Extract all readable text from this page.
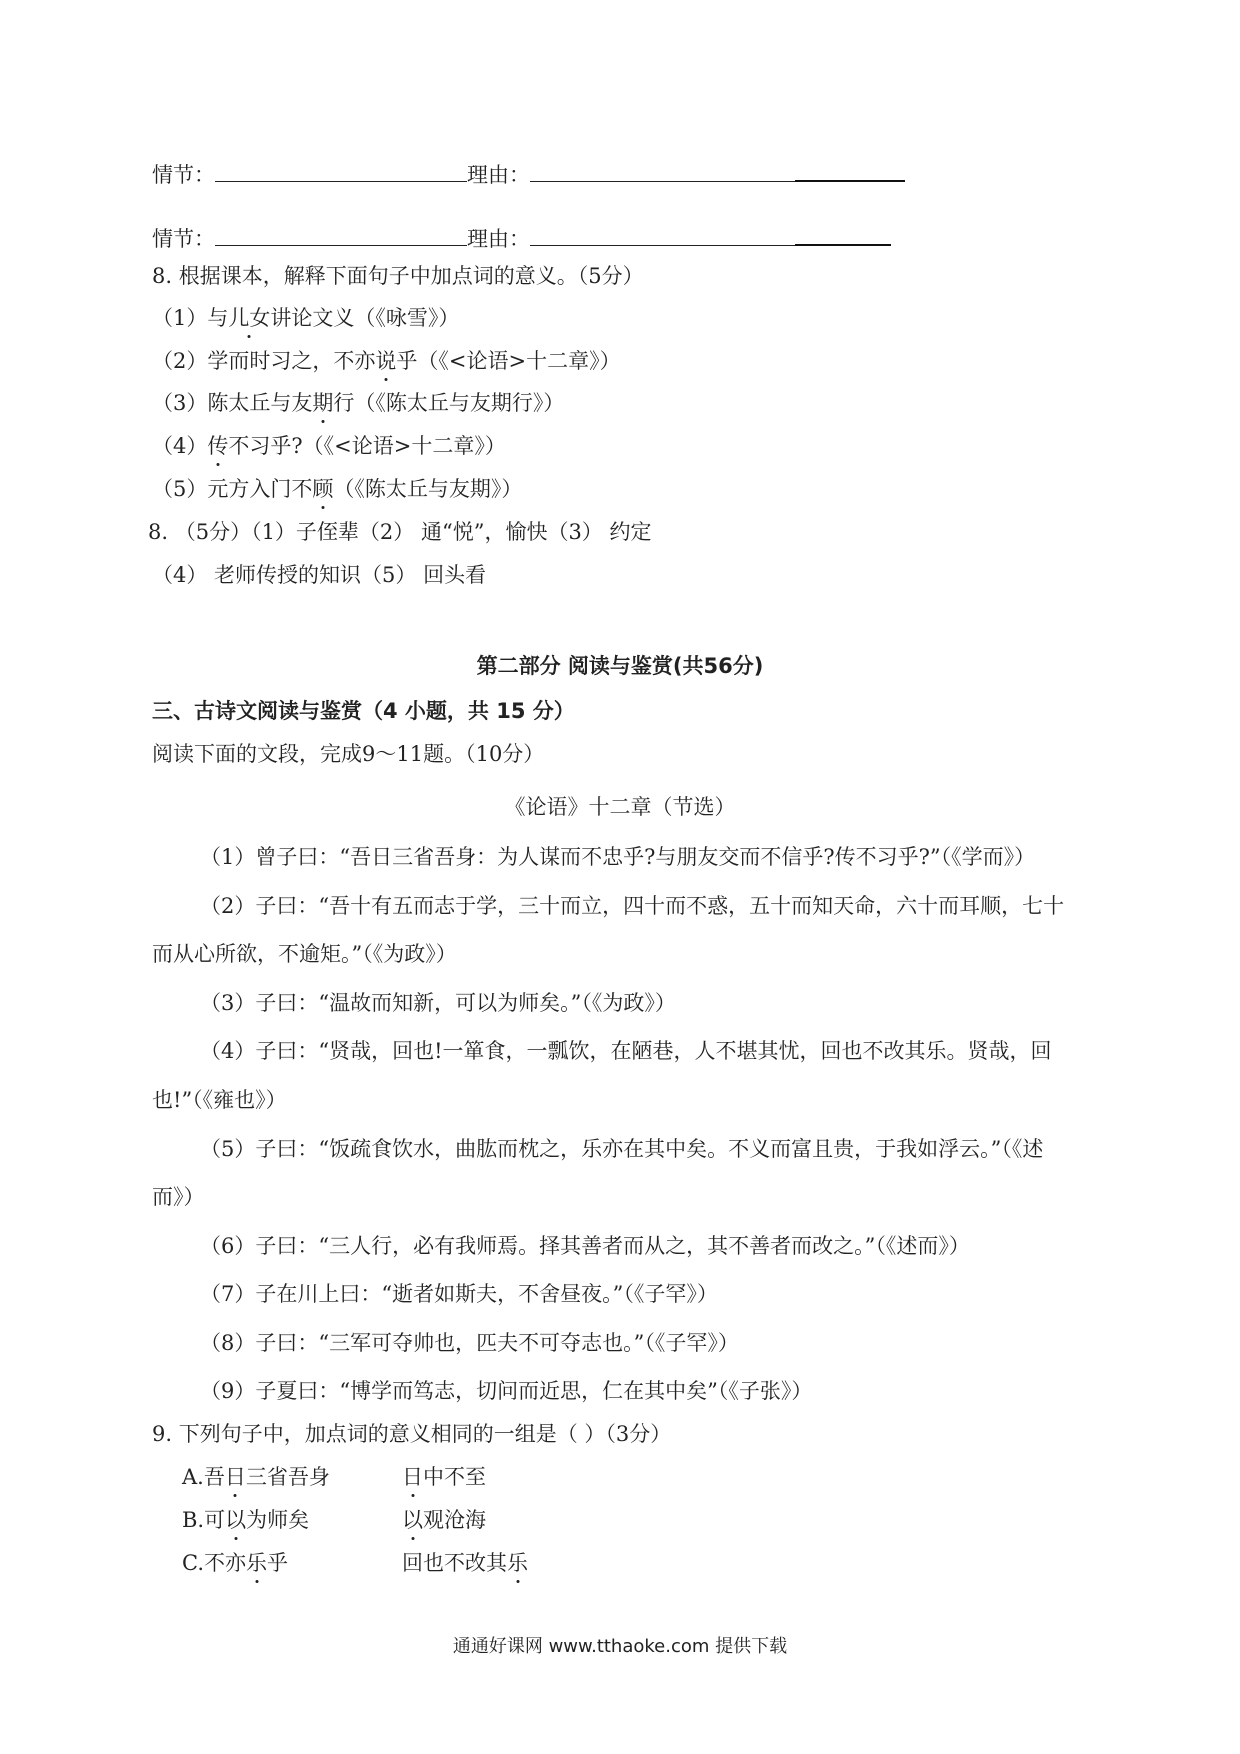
情节：	理由：
情节：	理由：
8. 根据课本，解释下面句子中加点词的意义。（5分）
（1）与儿女讲论文义（《咏雪》）
（2）学而时习之，不亦说乎（《<论语>十二章》）
（3）陈太丘与友期行（《陈太丘与友期行》）
（4）传不习乎?（《<论语>十二章》）
（5）元方入门不顾（《陈太丘与友期》）
8. （5分）（1）子侄辈（2） 通“悦”，愉快（3） 约定
（4） 老师传授的知识（5） 回头看
第二部分 阅读与鉴赏(共56分)
三、古诗文阅读与鉴赏（4 小题，共 15 分）
阅读下面的文段，完成9～11题。（10分）
《论语》十二章（节选）
（1）曾子曰：“吾日三省吾身：为人谋而不忠乎?与朋友交而不信乎?传不习乎?”（《学而》）
（2）子曰：“吾十有五而志于学，三十而立，四十而不惑，五十而知天命，六十而耳顺，七十
而从心所欲，不逾矩。”（《为政》）
（3）子曰：“温故而知新，可以为师矣。”（《为政》）
（4）子曰：“贤哉，回也!一箪食，一瓢饮，在陋巷，人不堪其忧，回也不改其乐。贤哉，回
也!”（《雍也》）
（5）子曰：“饭疏食饮水，曲肱而枕之，乐亦在其中矣。不义而富且贵，于我如浮云。”（《述
而》）
（6）子曰：“三人行，必有我师焉。择其善者而从之，其不善者而改之。”（《述而》）
（7）子在川上曰：“逝者如斯夫，不舍昼夜。”（《子罕》）
（8）子曰：“三军可夺帅也，匹夫不可夺志也。”（《子罕》）
（9）子夏曰：“博学而笃志，切问而近思，仁在其中矣”（《子张》）
9. 下列句子中，加点词的意义相同的一组是（ ）（3分）
A.吾日三省吾身	日中不至
B.可以为师矣	以观沧海
C.不亦乐乎	回也不改其乐
通通好课网 www.tthaoke.com 提供下载
